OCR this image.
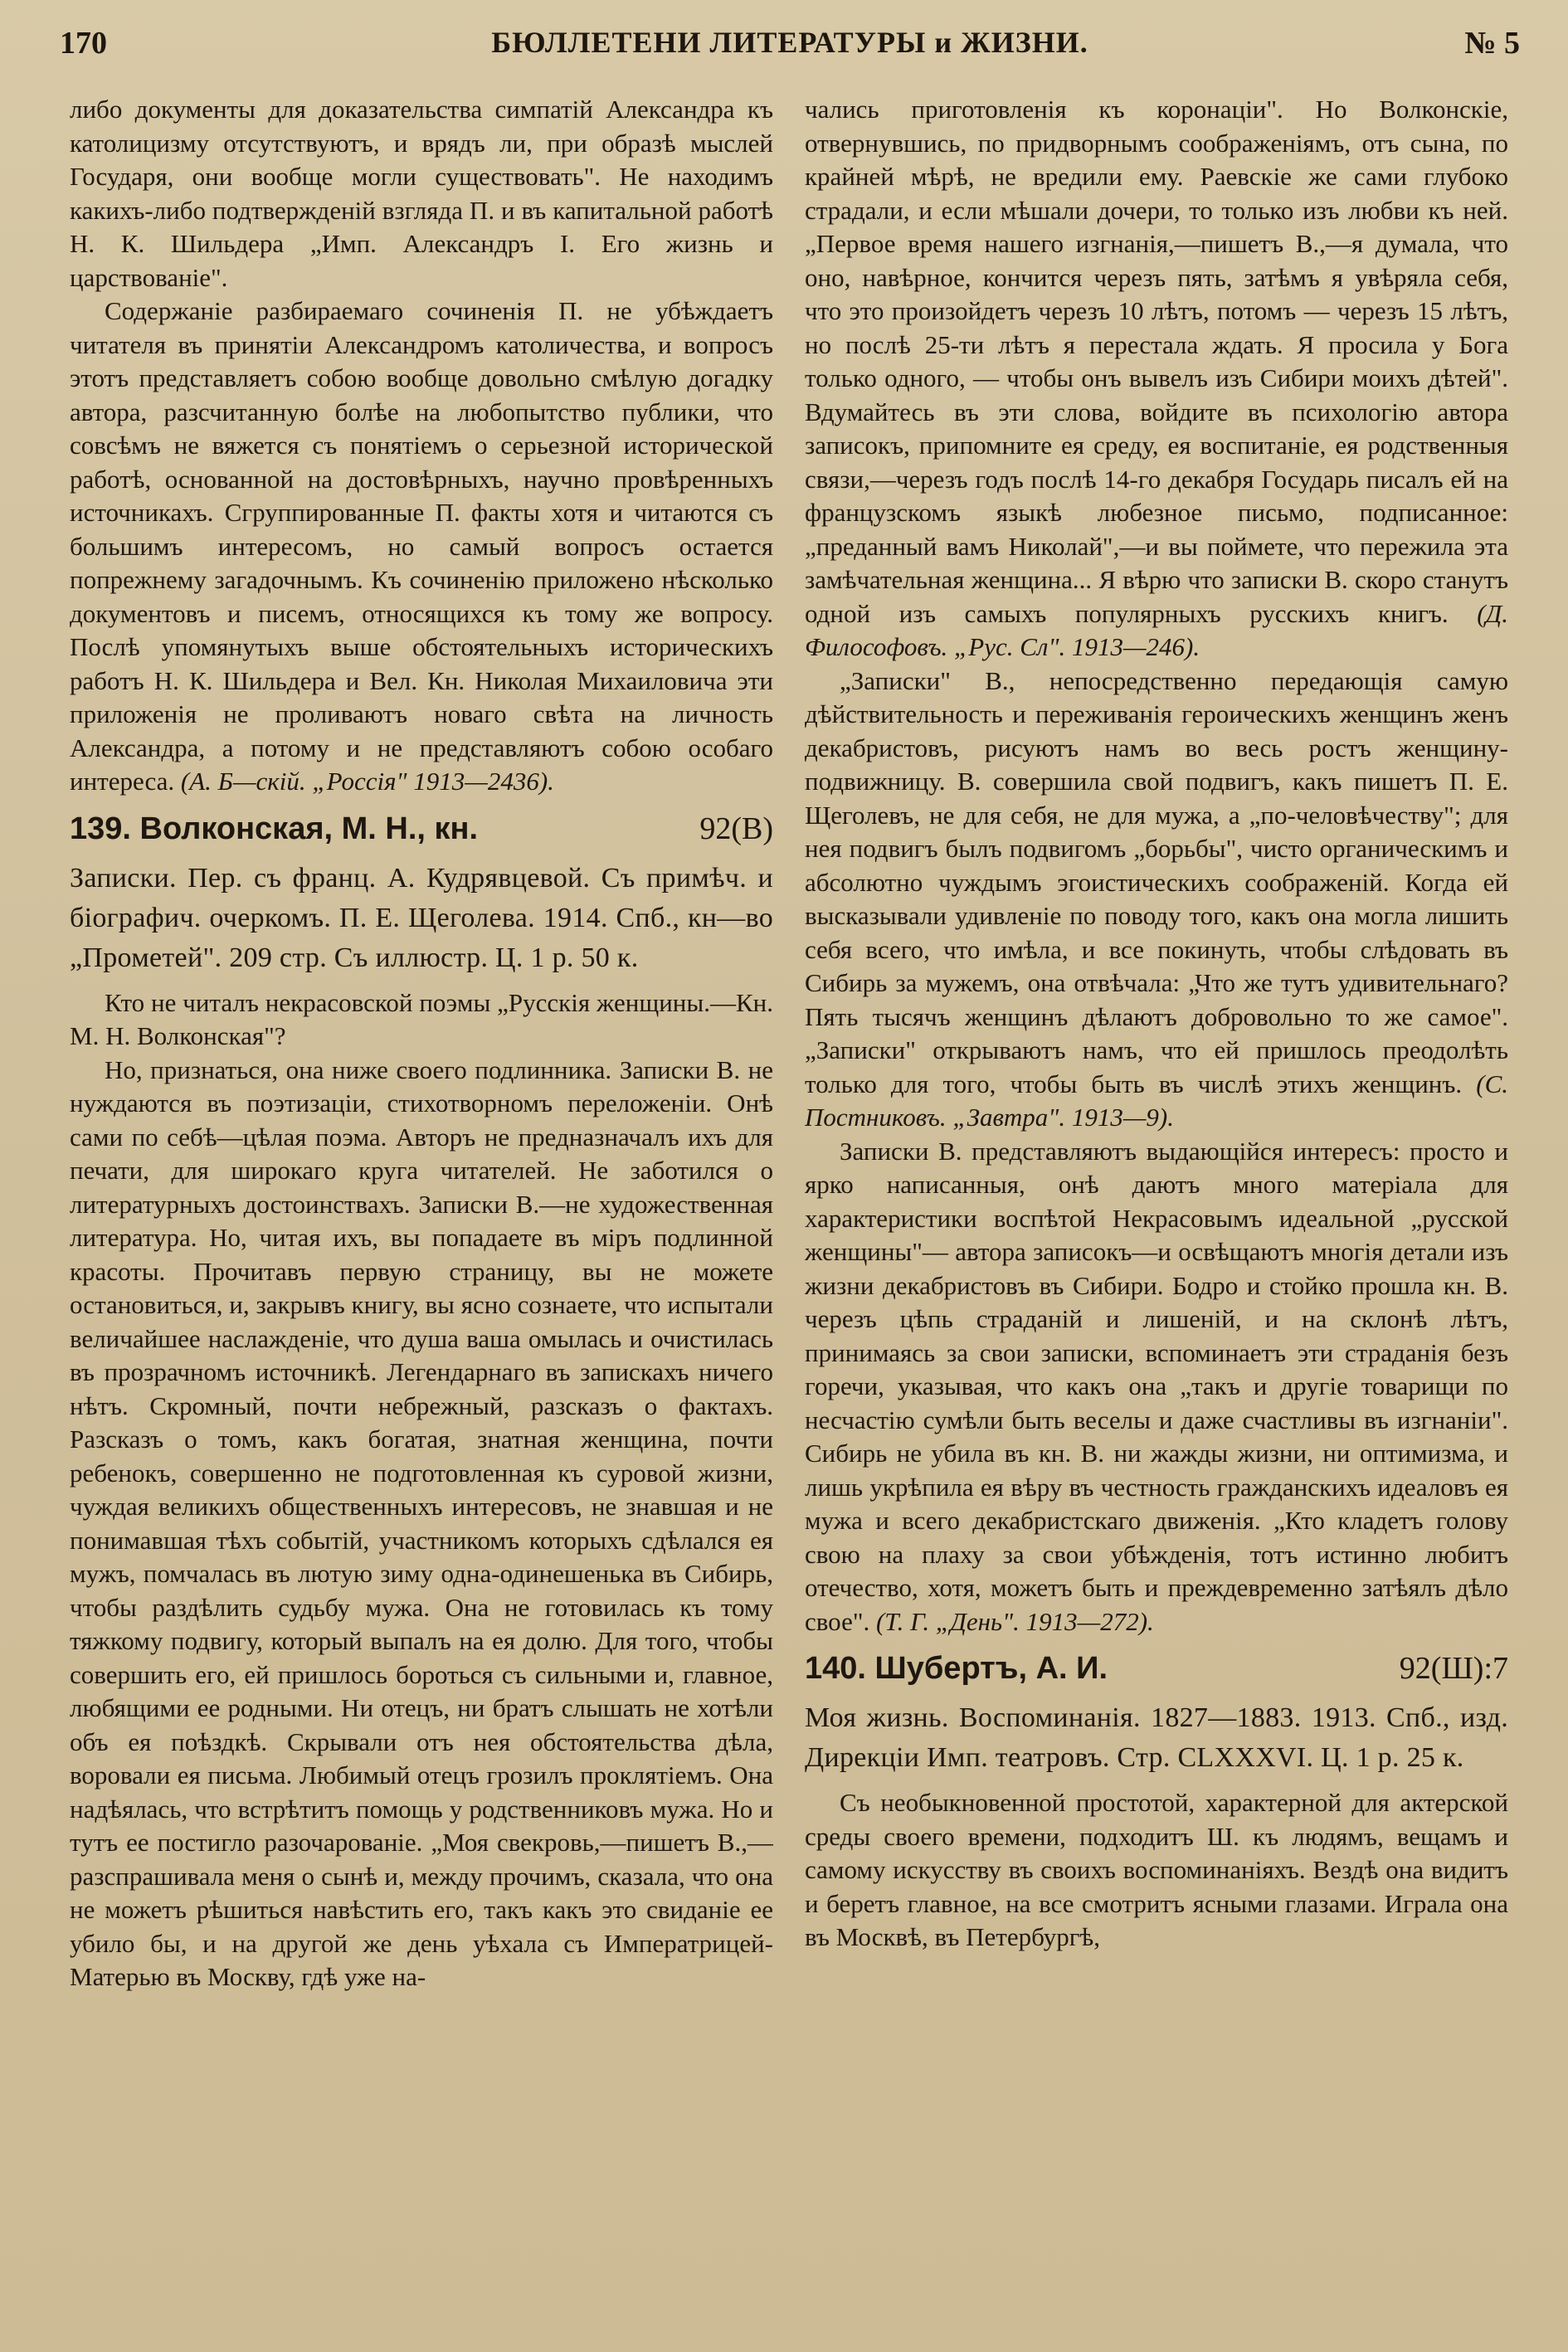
170	БЮЛЛЕТЕНИ ЛИТЕРАТУРЫ и ЖИЗНИ.	№ 5

либо документы для доказательства симпатій Александра къ католицизму отсутствуютъ, и врядъ ли, при образѣ мыслей Государя, они вообще могли существовать". Не находимъ какихъ-либо подтвержденій взгляда П. и въ капитальной работѣ Н. К. Шильдера „Имп. Александръ I. Его жизнь и царствованіе".

Содержаніе разбираемаго сочиненія П. не убѣждаетъ читателя въ принятіи Александромъ католичества, и вопросъ этотъ представляетъ собою вообще довольно смѣлую догадку автора, разсчитанную болѣе на любопытство публики, что совсѣмъ не вяжется съ понятіемъ о серьезной исторической работѣ, основанной на достовѣрныхъ, научно провѣренныхъ источникахъ. Сгруппированные П. факты хотя и читаются съ большимъ интересомъ, но самый вопросъ остается попрежнему загадочнымъ. Къ сочиненію приложено нѣсколько документовъ и писемъ, относящихся къ тому же вопросу. Послѣ упомянутыхъ выше обстоятельныхъ историческихъ работъ Н. К. Шильдера и Вел. Кн. Николая Михаиловича эти приложенія не проливаютъ новаго свѣта на личность Александра, а потому и не представляютъ собою особаго интереса. (А. Б—скій. „Россія" 1913—2436).

139. Волконская, М. Н., кн.	92(В)

Записки. Пер. съ франц. А. Кудрявцевой. Съ примѣч. и біографич. очеркомъ. П. Е. Щеголева. 1914. Спб., кн—во „Прометей". 209 стр. Съ иллюстр. Ц. 1 р. 50 к.

Кто не читалъ некрасовской поэмы „Русскія женщины.—Кн. М. Н. Волконская"?

Но, признаться, она ниже своего подлинника. Записки В. не нуждаются въ поэтизаціи, стихотворномъ переложеніи. Онѣ сами по себѣ—цѣлая поэма. Авторъ не предназначалъ ихъ для печати, для широкаго круга читателей. Не заботился о литературныхъ достоинствахъ. Записки В.—не художественная литература. Но, читая ихъ, вы попадаете въ міръ подлинной красоты. Прочитавъ первую страницу, вы не можете остановиться, и, закрывъ книгу, вы ясно сознаете, что испытали величайшее наслажденіе, что душа ваша омылась и очистилась въ прозрачномъ источникѣ. Легендарнаго въ запискахъ ничего нѣтъ. Скромный, почти небрежный, разсказъ о фактахъ. Разсказъ о томъ, какъ богатая, знатная женщина, почти ребенокъ, совершенно не подготовленная къ суровой жизни, чуждая великихъ общественныхъ интересовъ, не знавшая и не понимавшая тѣхъ событій, участникомъ которыхъ сдѣлался ея мужъ, помчалась въ лютую зиму одна-одинешенька въ Сибирь, чтобы раздѣлить судьбу мужа. Она не готовилась къ тому тяжкому подвигу, который выпалъ на ея долю. Для того, чтобы совершить его, ей пришлось бороться съ сильными и, главное, любящими ее родными. Ни отецъ, ни братъ слышать не хотѣли объ ея поѣздкѣ. Скрывали отъ нея обстоятельства дѣла, воровали ея письма. Любимый отецъ грозилъ проклятіемъ. Она надѣялась, что встрѣтитъ помощь у родственниковъ мужа. Но и тутъ ее постигло разочарованіе. „Моя свекровь,—пишетъ В.,—разспрашивала меня о сынѣ и, между прочимъ, сказала, что она не можетъ рѣшиться навѣстить его, такъ какъ это свиданіе ее убило бы, и на другой же день уѣхала съ Императрицей-Матерью въ Москву, гдѣ уже на-

чались приготовленія къ коронаціи". Но Волконскіе, отвернувшись, по придворнымъ соображеніямъ, отъ сына, по крайней мѣрѣ, не вредили ему. Раевскіе же сами глубоко страдали, и если мѣшали дочери, то только изъ любви къ ней. „Первое время нашего изгнанія,—пишетъ В.,—я думала, что оно, навѣрное, кончится черезъ пять, затѣмъ я увѣряла себя, что это произойдетъ черезъ 10 лѣтъ, потомъ — черезъ 15 лѣтъ, но послѣ 25-ти лѣтъ я перестала ждать. Я просила у Бога только одного, — чтобы онъ вывелъ изъ Сибири моихъ дѣтей". Вдумайтесь въ эти слова, войдите въ психологію автора записокъ, припомните ея среду, ея воспитаніе, ея родственныя связи,—черезъ годъ послѣ 14-го декабря Государь писалъ ей на французскомъ языкѣ любезное письмо, подписанное: „преданный вамъ Николай",—и вы поймете, что пережила эта замѣчательная женщина... Я вѣрю что записки В. скоро станутъ одной изъ самыхъ популярныхъ русскихъ книгъ. (Д. Философовъ. „Рус. Сл". 1913—246).

„Записки" В., непосредственно передающія самую дѣйствительность и переживанія героическихъ женщинъ женъ декабристовъ, рисуютъ намъ во весь ростъ женщину-подвижницу. В. совершила свой подвигъ, какъ пишетъ П. Е. Щеголевъ, не для себя, не для мужа, а „по-человѣчеству"; для нея подвигъ былъ подвигомъ „борьбы", чисто органическимъ и абсолютно чуждымъ эгоистическихъ соображеній. Когда ей высказывали удивленіе по поводу того, какъ она могла лишить себя всего, что имѣла, и все покинуть, чтобы слѣдовать въ Сибирь за мужемъ, она отвѣчала: „Что же тутъ удивительнаго? Пять тысячъ женщинъ дѣлаютъ добровольно то же самое". „Записки" открываютъ намъ, что ей пришлось преодолѣть только для того, чтобы быть въ числѣ этихъ женщинъ. (С. Постниковъ. „Завтра". 1913—9).

Записки В. представляютъ выдающійся интересъ: просто и ярко написанныя, онѣ даютъ много матеріала для характеристики воспѣтой Некрасовымъ идеальной „русской женщины"— автора записокъ—и освѣщаютъ многія детали изъ жизни декабристовъ въ Сибири. Бодро и стойко прошла кн. В. черезъ цѣпь страданій и лишеній, и на склонѣ лѣтъ, принимаясь за свои записки, вспоминаетъ эти страданія безъ горечи, указывая, что какъ она „такъ и другіе товарищи по несчастію сумѣли быть веселы и даже счастливы въ изгнаніи". Сибирь не убила въ кн. В. ни жажды жизни, ни оптимизма, и лишь укрѣпила ея вѣру въ честность гражданскихъ идеаловъ ея мужа и всего декабристскаго движенія. „Кто кладетъ голову свою на плаху за свои убѣжденія, тотъ истинно любитъ отечество, хотя, можетъ быть и преждевременно затѣялъ дѣло свое". (Т. Г. „День". 1913—272).

140. Шубертъ, А. И.	92(Ш):7

Моя жизнь. Воспоминанія. 1827—1883. 1913. Спб., изд. Дирекціи Имп. театровъ. Стр. CLXXXVI. Ц. 1 р. 25 к.

Съ необыкновенной простотой, характерной для актерской среды своего времени, подходитъ Ш. къ людямъ, вещамъ и самому искусству въ своихъ воспоминаніяхъ. Вездѣ она видитъ и беретъ главное, на все смотритъ ясными глазами. Играла она въ Москвѣ, въ Петербургѣ,
